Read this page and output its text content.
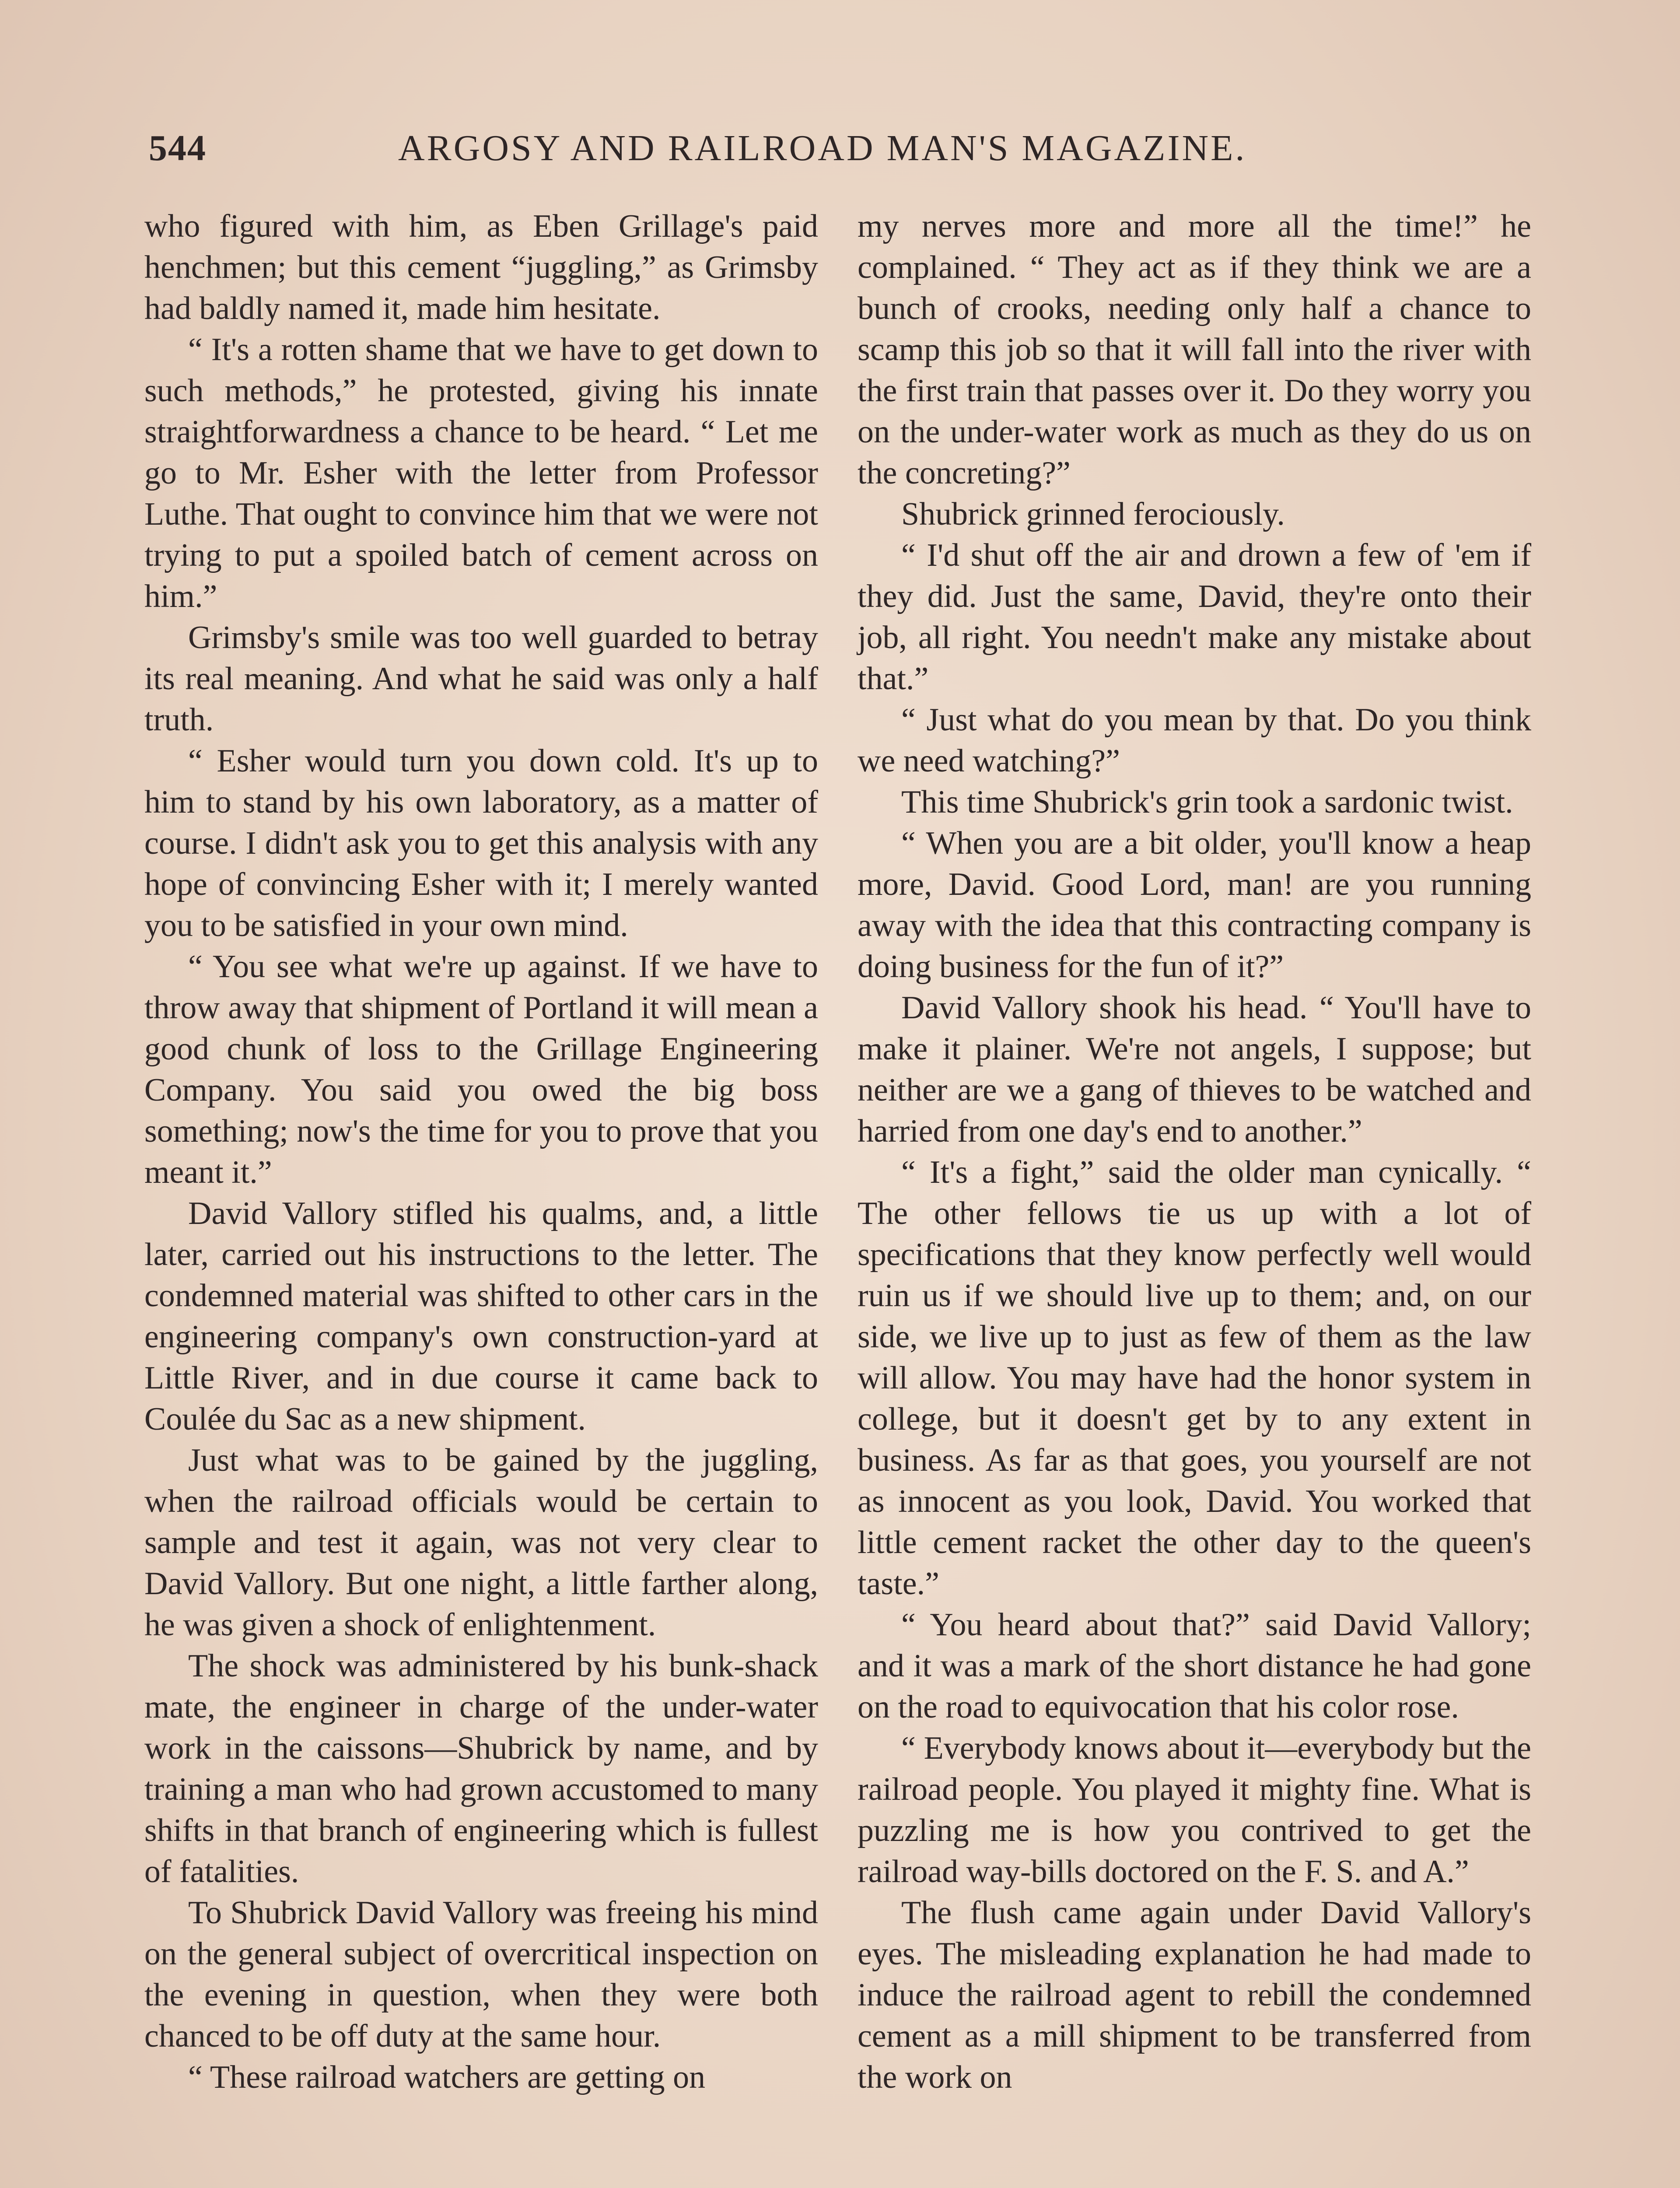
544	ARGOSY AND RAILROAD MAN'S MAGAZINE.

who figured with him, as Eben Grillage's paid henchmen; but this cement “juggling,” as Grimsby had baldly named it, made him hesitate.

“ It's a rotten shame that we have to get down to such methods,” he protested, giving his innate straightforwardness a chance to be heard. “ Let me go to Mr. Esher with the letter from Professor Luthe. That ought to convince him that we were not trying to put a spoiled batch of cement across on him.”

Grimsby's smile was too well guarded to betray its real meaning. And what he said was only a half truth.

“ Esher would turn you down cold. It's up to him to stand by his own laboratory, as a matter of course. I didn't ask you to get this analysis with any hope of convincing Esher with it; I merely wanted you to be satisfied in your own mind.

“ You see what we're up against. If we have to throw away that shipment of Portland it will mean a good chunk of loss to the Grillage Engineering Company. You said you owed the big boss something; now's the time for you to prove that you meant it.”

David Vallory stifled his qualms, and, a little later, carried out his instructions to the letter. The condemned material was shifted to other cars in the engineering company's own construction-yard at Little River, and in due course it came back to Coulée du Sac as a new shipment.

Just what was to be gained by the juggling, when the railroad officials would be certain to sample and test it again, was not very clear to David Vallory. But one night, a little farther along, he was given a shock of enlightenment.

The shock was administered by his bunk-shack mate, the engineer in charge of the under-water work in the caissons—Shubrick by name, and by training a man who had grown accustomed to many shifts in that branch of engineering which is fullest of fatalities.

To Shubrick David Vallory was freeing his mind on the general subject of overcritical inspection on the evening in question, when they were both chanced to be off duty at the same hour.

“ These railroad watchers are getting on

my nerves more and more all the time!” he complained. “ They act as if they think we are a bunch of crooks, needing only half a chance to scamp this job so that it will fall into the river with the first train that passes over it. Do they worry you on the under-water work as much as they do us on the concreting?”

Shubrick grinned ferociously.

“ I'd shut off the air and drown a few of 'em if they did. Just the same, David, they're onto their job, all right. You needn't make any mistake about that.”

“ Just what do you mean by that. Do you think we need watching?”

This time Shubrick's grin took a sardonic twist.

“ When you are a bit older, you'll know a heap more, David. Good Lord, man! are you running away with the idea that this contracting company is doing business for the fun of it?”

David Vallory shook his head. “ You'll have to make it plainer. We're not angels, I suppose; but neither are we a gang of thieves to be watched and harried from one day's end to another.”

“ It's a fight,” said the older man cynically. “ The other fellows tie us up with a lot of specifications that they know perfectly well would ruin us if we should live up to them; and, on our side, we live up to just as few of them as the law will allow. You may have had the honor system in college, but it doesn't get by to any extent in business. As far as that goes, you yourself are not as innocent as you look, David. You worked that little cement racket the other day to the queen's taste.”

“ You heard about that?” said David Vallory; and it was a mark of the short distance he had gone on the road to equivocation that his color rose.

“ Everybody knows about it—everybody but the railroad people. You played it mighty fine. What is puzzling me is how you contrived to get the railroad way-bills doctored on the F. S. and A.”

The flush came again under David Vallory's eyes. The misleading explanation he had made to induce the railroad agent to rebill the condemned cement as a mill shipment to be transferred from the work on
